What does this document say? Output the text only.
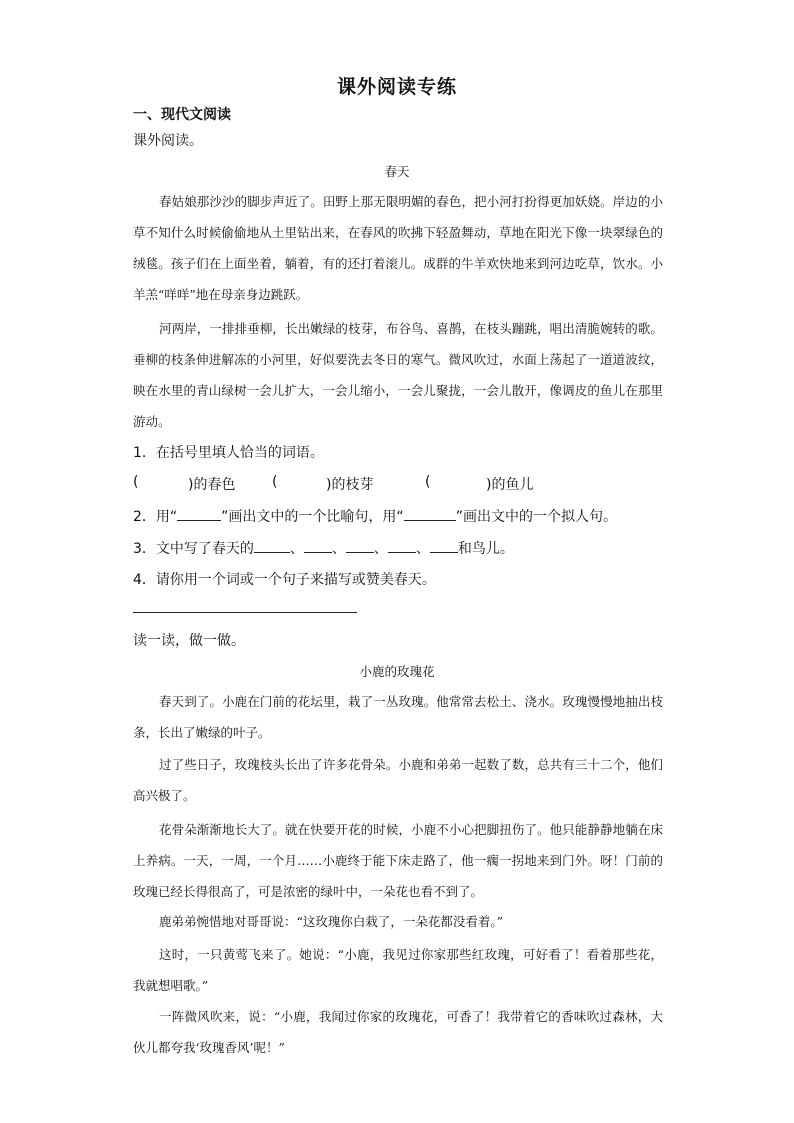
课外阅读专练
一、现代文阅读
课外阅读。
春天
春姑娘那沙沙的脚步声近了。田野上那无限明媚的春色，把小河打扮得更加妖娆。岸边的小草不知什么时候偷偷地从土里钻出来，在春风的吹拂下轻盈舞动，草地在阳光下像一块翠绿色的绒毯。孩子们在上面坐着，躺着，有的还打着滚儿。成群的牛羊欢快地来到河边吃草，饮水。小羊羔“咩咩”地在母亲身边跳跃。
河两岸，一排排垂柳，长出嫩绿的枝芽，布谷鸟、喜鹊，在枝头蹦跳，唱出清脆婉转的歌。垂柳的枝条伸进解冻的小河里，好似要洗去冬日的寒气。微风吹过，水面上荡起了一道道波纹，映在水里的青山绿树一会儿扩大，一会儿缩小，一会儿聚拢，一会儿散开，像调皮的鱼儿在那里游动。
1．在括号里填人恰当的词语。
(	)的春色	(	)的枝芽	(	)的鱼儿
2．用“	”画出文中的一个比喻句，用“	”画出文中的一个拟人句。
3．文中写了春天的	、 、 、 、 和鸟儿。
4．请你用一个词或一个句子来描写或赞美春天。
读一读，做一做。
小鹿的玫瑰花
春天到了。小鹿在门前的花坛里，栽了一丛玫瑰。他常常去松土、浇水。玫瑰慢慢地抽出枝条，长出了嫩绿的叶子。
过了些日子，玫瑰枝头长出了许多花骨朵。小鹿和弟弟一起数了数，总共有三十二个，他们高兴极了。
花骨朵渐渐地长大了。就在快要开花的时候，小鹿不小心把脚扭伤了。他只能静静地躺在床上养病。一天，一周，一个月……小鹿终于能下床走路了，他一瘸一拐地来到门外。呀！门前的玫瑰已经长得很高了，可是浓密的绿叶中，一朵花也看不到了。
鹿弟弟惋惜地对哥哥说：“这玫瑰你白栽了，一朵花都没看着。”
这时，一只黄莺飞来了。她说：“小鹿，我见过你家那些红玫瑰，可好看了！看着那些花，我就想唱歌。”
一阵微风吹来，说：“小鹿，我闻过你家的玫瑰花，可香了！我带着它的香味吹过森林，大伙儿都夸我‘玫瑰香风’呢！”
